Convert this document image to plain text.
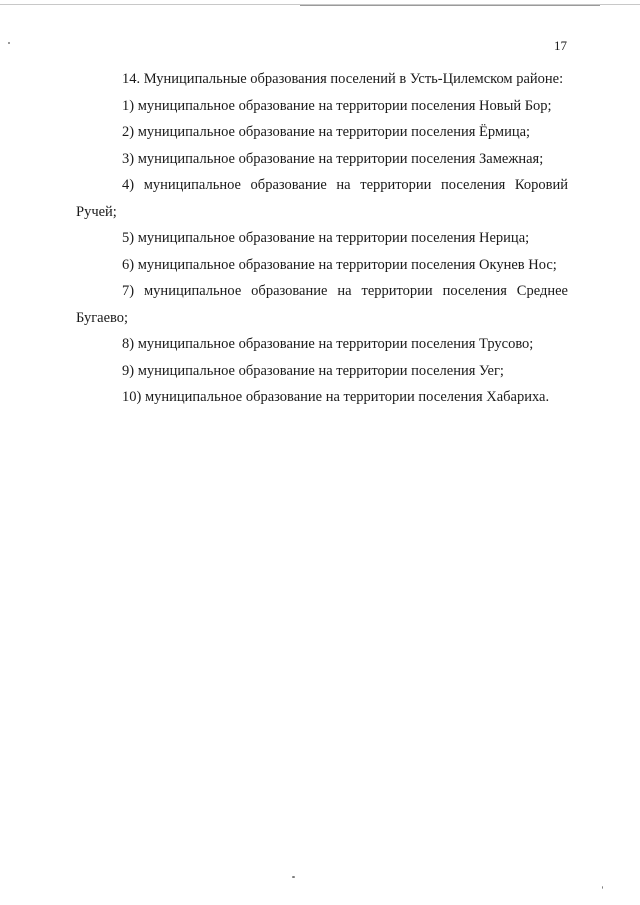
17

14. Муниципальные образования поселений в Усть-Цилемском районе:

1) муниципальное образование на территории поселения Новый Бор;

2) муниципальное образование на территории поселения Ёрмица;

3) муниципальное образование на территории поселения Замежная;

4) муниципальное образование на территории поселения Коровий Ручей;

5) муниципальное образование на территории поселения Нерица;

6) муниципальное образование на территории поселения Окунев Нос;

7) муниципальное образование на территории поселения Среднее Бугаево;

8) муниципальное образование на территории поселения Трусово;

9) муниципальное образование на территории поселения Уег;

10) муниципальное образование на территории поселения Хабариха.
